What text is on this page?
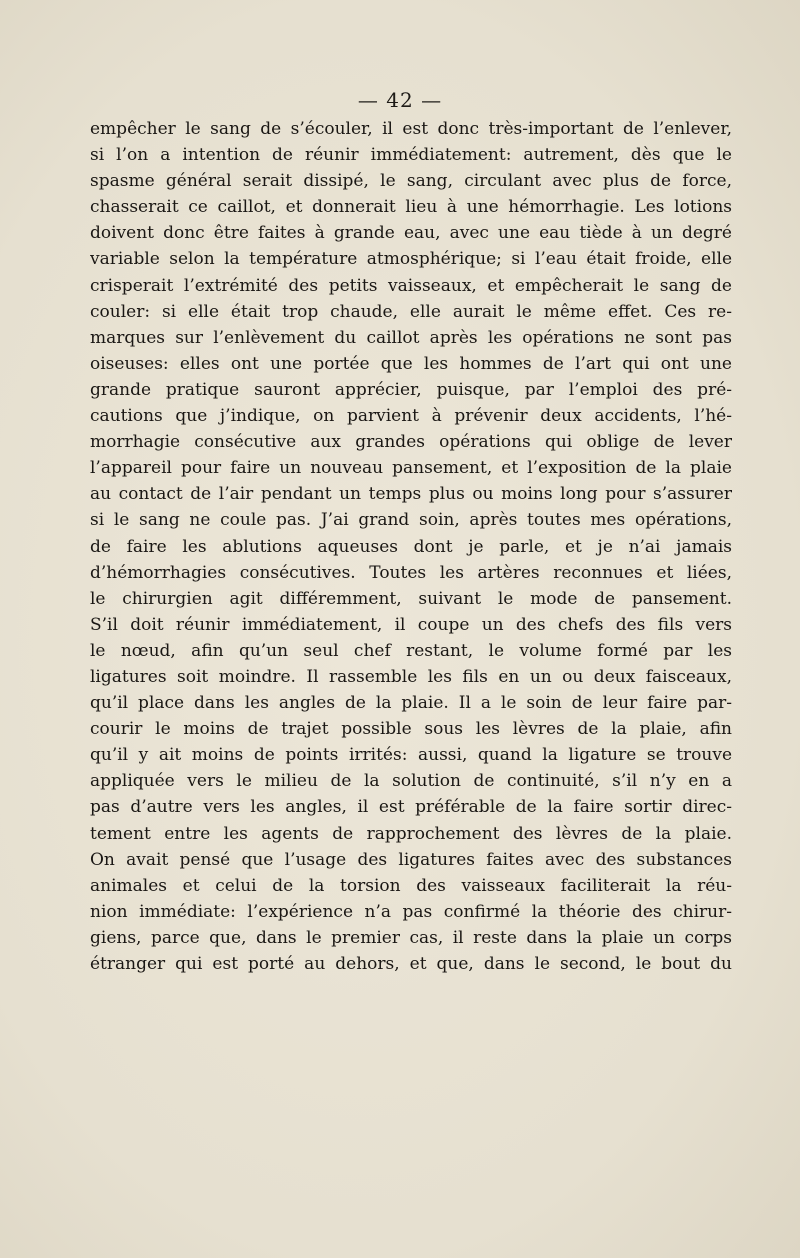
— 42 —
empêcher le sang de s’écouler, il est donc très-important de l’enlever,
si l’on a intention de réunir immédiatement: autrement, dès que le
spasme général serait dissipé, le sang, circulant avec plus de force,
chasserait ce caillot, et donnerait lieu à une hémorrhagie. Les lotions
doivent donc être faites à grande eau, avec une eau tiède à un degré
variable selon la température atmosphérique; si l’eau était froide, elle
crisperait l’extrémité des petits vaisseaux, et empêcherait le sang de
couler: si elle était trop chaude, elle aurait le même effet. Ces re-
marques sur l’enlèvement du caillot après les opérations ne sont pas
oiseuses: elles ont une portée que les hommes de l’art qui ont une
grande pratique sauront apprécier, puisque, par l’emploi des pré-
cautions que j’indique, on parvient à prévenir deux accidents, l’hé-
morrhagie consécutive aux grandes opérations qui oblige de lever
l’appareil pour faire un nouveau pansement, et l’exposition de la plaie
au contact de l’air pendant un temps plus ou moins long pour s’assurer
si le sang ne coule pas. J’ai grand soin, après toutes mes opérations,
de faire les ablutions aqueuses dont je parle, et je n’ai jamais
d’hémorrhagies consécutives. Toutes les artères reconnues et liées,
le chirurgien agit différemment, suivant le mode de pansement.
S’il doit réunir immédiatement, il coupe un des chefs des fils vers
le nœud, afin qu’un seul chef restant, le volume formé par les
ligatures soit moindre. Il rassemble les fils en un ou deux faisceaux,
qu’il place dans les angles de la plaie. Il a le soin de leur faire par-
courir le moins de trajet possible sous les lèvres de la plaie, afin
qu’il y ait moins de points irrités: aussi, quand la ligature se trouve
appliquée vers le milieu de la solution de continuité, s’il n’y en a
pas d’autre vers les angles, il est préférable de la faire sortir direc-
tement entre les agents de rapprochement des lèvres de la plaie.
On avait pensé que l’usage des ligatures faites avec des substances
animales et celui de la torsion des vaisseaux faciliterait la réu-
nion immédiate: l’expérience n’a pas confirmé la théorie des chirur-
giens, parce que, dans le premier cas, il reste dans la plaie un corps
étranger qui est porté au dehors, et que, dans le second, le bout du
